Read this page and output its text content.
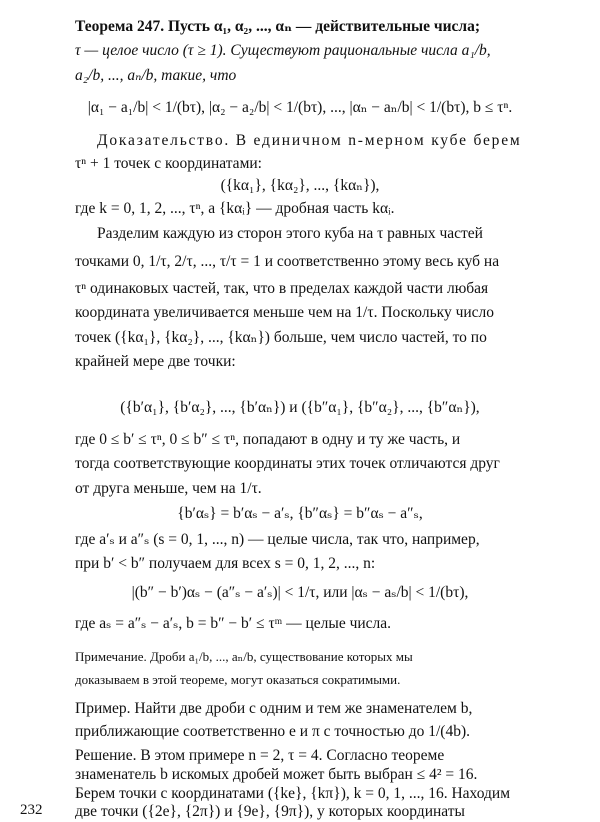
Теорема 247. Пусть α₁, α₂, ..., αₙ — действительные числа;
τ — целое число (τ ≥ 1). Существуют рациональные числа a₁/b,
a₂/b, ..., aₙ/b, такие, что
|α₁ − a₁/b| < 1/(bτ), |α₂ − a₂/b| < 1/(bτ), ..., |αₙ − aₙ/b| < 1/(bτ), b ≤ τⁿ.
Доказательство. В единичном n-мерном кубе берем
τⁿ + 1 точек с координатами:
({kα₁}, {kα₂}, ..., {kαₙ}),
где k = 0, 1, 2, ..., τⁿ, а {kαᵢ} — дробная часть kαᵢ.
Разделим каждую из сторон этого куба на τ равных частей
точками 0, 1/τ, 2/τ, ..., τ/τ = 1 и соответственно этому весь куб на
τⁿ одинаковых частей, так, что в пределах каждой части любая
координата увеличивается меньше чем на 1/τ. Поскольку число
точек ({kα₁}, {kα₂}, ..., {kαₙ}) больше, чем число частей, то по
крайней мере две точки:
({b′α₁}, {b′α₂}, ..., {b′αₙ}) и ({b″α₁}, {b″α₂}, ..., {b″αₙ}),
где 0 ≤ b′ ≤ τⁿ, 0 ≤ b″ ≤ τⁿ, попадают в одну и ту же часть, и
тогда соответствующие координаты этих точек отличаются друг
от друга меньше, чем на 1/τ.
{b′αₛ} = b′αₛ − a′ₛ, {b″αₛ} = b″αₛ − a″ₛ,
где a′ₛ и a″ₛ (s = 0, 1, ..., n) — целые числа, так что, например,
при b′ < b″ получаем для всех s = 0, 1, 2, ..., n:
|(b″ − b′)αₛ − (a″ₛ − a′ₛ)| < 1/τ, или |αₛ − aₛ/b| < 1/(bτ),
где aₛ = a″ₛ − a′ₛ, b = b″ − b′ ≤ τᵐ — целые числа.
Примечание. Дроби a₁/b, ..., aₙ/b, существование которых мы
доказываем в этой теореме, могут оказаться сократимыми.
Пример. Найти две дроби с одним и тем же знаменателем b,
приближающие соответственно e и π с точностью до 1/(4b).
Решение. В этом примере n = 2, τ = 4. Согласно теореме
знаменатель b искомых дробей может быть выбран ≤ 4² = 16.
Берем точки с координатами ({ke}, {kπ}), k = 0, 1, ..., 16. Находим
две точки ({2e}, {2π}) и {9e}, {9π}), у которых координаты
232
